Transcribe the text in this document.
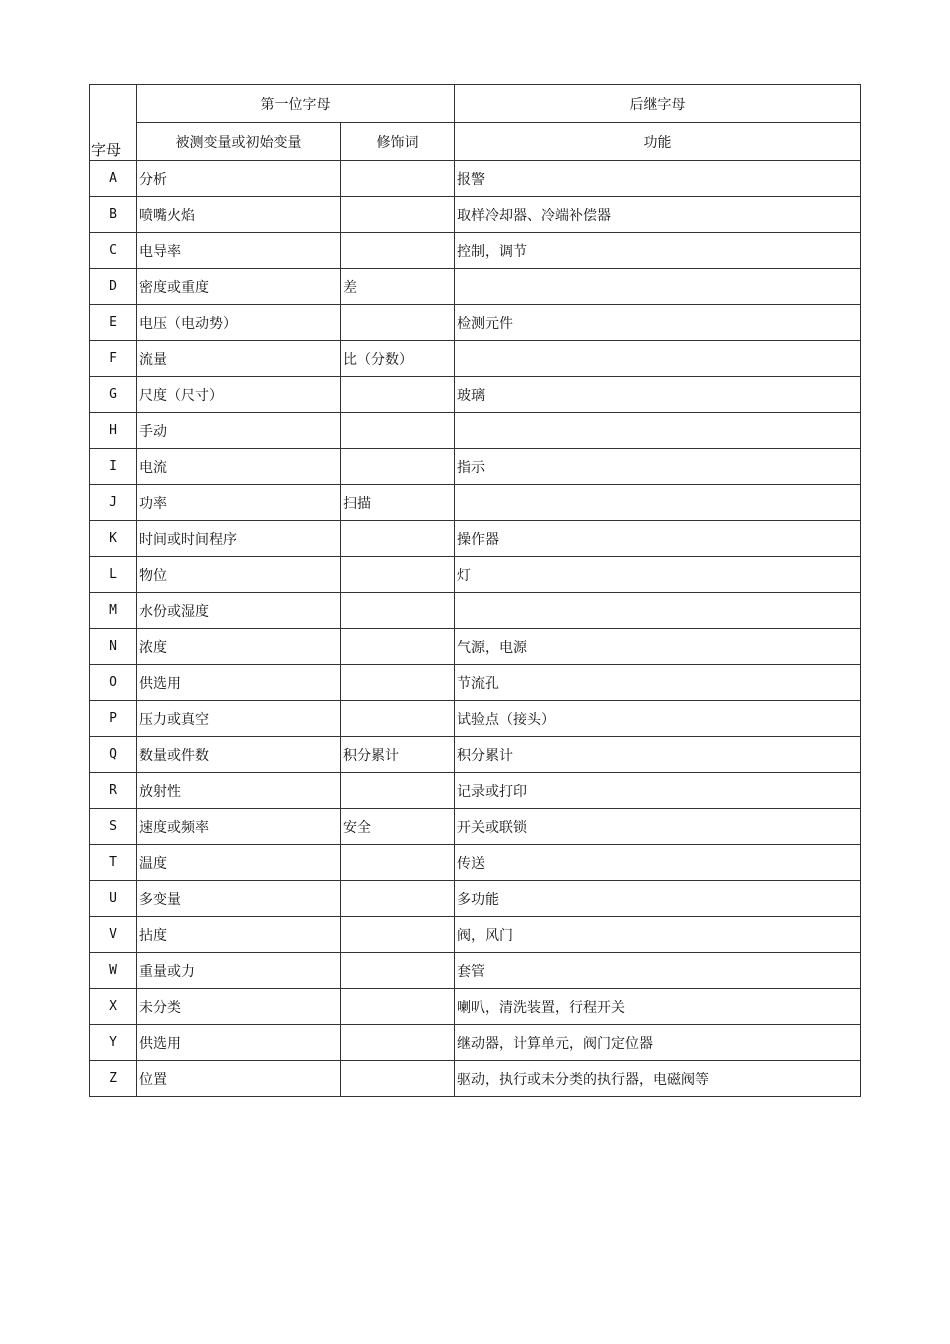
字母	第一位字母		后继字母
	被测变量或初始变量	修饰词	功能
A	分析		报警
B	喷嘴火焰		取样冷却器、冷端补偿器
C	电导率		控制，调节
D	密度或重度	差	
E	电压（电动势）		检测元件
F	流量	比（分数）	
G	尺度（尺寸）		玻璃
H	手动		
I	电流		指示
J	功率	扫描	
K	时间或时间程序		操作器
L	物位		灯
M	水份或湿度		
N	浓度		气源，电源
O	供选用		节流孔
P	压力或真空		试验点（接头）
Q	数量或件数	积分累计	积分累计
R	放射性		记录或打印
S	速度或频率	安全	开关或联锁
T	温度		传送
U	多变量		多功能
V	拈度		阀，风门
W	重量或力		套管
X	未分类		喇叭，清洗装置，行程开关
Y	供选用		继动器，计算单元，阀门定位器
Z	位置		驱动，执行或未分类的执行器，电磁阀等
